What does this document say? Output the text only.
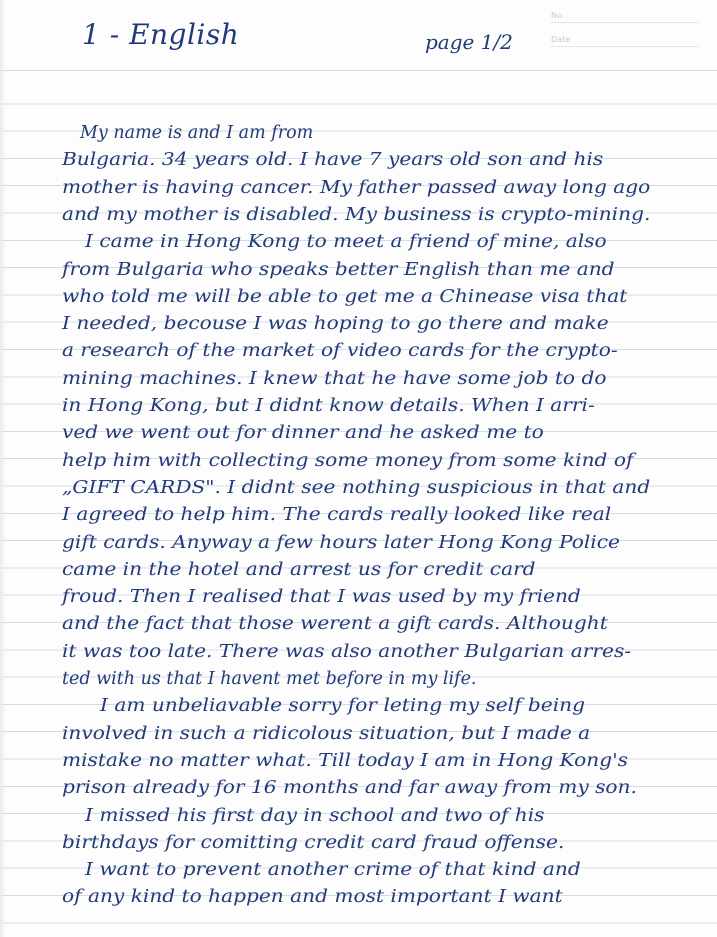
No.
Date
1 - English	page 1/2
My name is and I am from
Bulgaria. 34 years old. I have 7 years old son and his
mother is having cancer. My father passed away long ago
and my mother is disabled. My business is crypto-mining.
I came in Hong Kong to meet a friend of mine, also
from Bulgaria who speaks better English than me and
who told me will be able to get me a Chinease visa that
I needed, becouse I was hoping to go there and make
a research of the market of video cards for the crypto-
mining machines. I knew that he have some job to do
in Hong Kong, but I didnt know details. When I arri-
ved we went out for dinner and he asked me to
help him with collecting some money from some kind of
„GIFT CARDS". I didnt see nothing suspicious in that and
I agreed to help him. The cards really looked like real
gift cards. Anyway a few hours later Hong Kong Police
came in the hotel and arrest us for credit card
froud. Then I realised that I was used by my friend
and the fact that those werent a gift cards. Althought
it was too late. There was also another Bulgarian arres-
ted with us that I havent met before in my life.
I am unbeliavable sorry for leting my self being
involved in such a ridicolous situation, but I made a
mistake no matter what. Till today I am in Hong Kong's
prison already for 16 months and far away from my son.
I missed his first day in school and two of his
birthdays for comitting credit card fraud offense.
I want to prevent another crime of that kind and
of any kind to happen and most important I want
